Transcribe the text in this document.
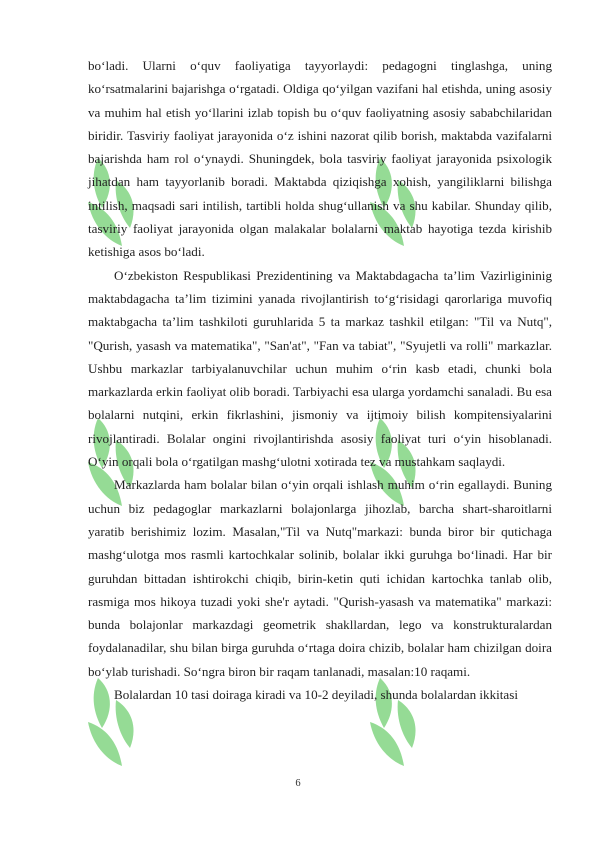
bo‘ladi. Ularni o‘quv faoliyatiga tayyorlaydi: pedagogni tinglashga, uning ko‘rsatmalarini bajarishga o‘rgatadi. Oldiga qo‘yilgan vazifani hal etishda, uning asosiy va muhim hal etish yo‘llarini izlab topish bu o‘quv faoliyatning asosiy sababchilaridan biridir. Tasviriy faoliyat jarayonida o‘z ishini nazorat qilib borish, maktabda vazifalarni bajarishda ham rol o‘ynaydi. Shuningdek, bola tasviriy faoliyat jarayonida psixologik jihatdan ham tayyorlanib boradi. Maktabda qiziqishga xohish, yangiliklarni bilishga intilish, maqsadi sari intilish, tartibli holda shug‘ullanish va shu kabilar. Shunday qilib, tasviriy faoliyat jarayonida olgan malakalar bolalarni maktab hayotiga tezda kirishib ketishiga asos bo‘ladi.

O‘zbekiston Respublikasi Prezidentining va Maktabdagacha ta’lim Vazirligininig maktabdagacha ta’lim tizimini yanada rivojlantirish to‘g‘risidagi qarorlariga muvofiq maktabgacha ta’lim tashkiloti guruhlarida 5 ta markaz tashkil etilgan: "Til va Nutq", "Qurish, yasash va matematika", "San'at", "Fan va tabiat", "Syujetli va rolli" markazlar. Ushbu markazlar tarbiyalanuvchilar uchun muhim o‘rin kasb etadi, chunki bola markazlarda erkin faoliyat olib boradi. Tarbiyachi esa ularga yordamchi sanaladi. Bu esa bolalarni nutqini, erkin fikrlashini, jismoniy va ijtimoiy bilish kompitensiyalarini rivojlantiradi. Bolalar ongini rivojlantirishda asosiy faoliyat turi o‘yin hisoblanadi. O‘yin orqali bola o‘rgatilgan mashg‘ulotni xotirada tez va mustahkam saqlaydi.

Markazlarda ham bolalar bilan o‘yin orqali ishlash muhim o‘rin egallaydi. Buning uchun biz pedagoglar markazlarni bolajonlarga jihozlab, barcha shart-sharoitlarni yaratib berishimiz lozim. Masalan,"Til va Nutq"markazi: bunda biror bir qutichaga mashg‘ulotga mos rasmli kartochkalar solinib, bolalar ikki guruhga bo‘linadi. Har bir guruhdan bittadan ishtirokchi chiqib, birin-ketin quti ichidan kartochka tanlab olib, rasmiga mos hikoya tuzadi yoki she'r aytadi. "Qurish-yasash va matematika" markazi: bunda bolajonlar markazdagi geometrik shakllardan, lego va konstrukturalardan foydalanadilar, shu bilan birga guruhda o‘rtaga doira chizib, bolalar ham chizilgan doira bo‘ylab turishadi. So‘ngra biron bir raqam tanlanadi, masalan:10 raqami.

Bolalardan 10 tasi doiraga kiradi va 10-2 deyiladi, shunda bolalardan ikkitasi

6
